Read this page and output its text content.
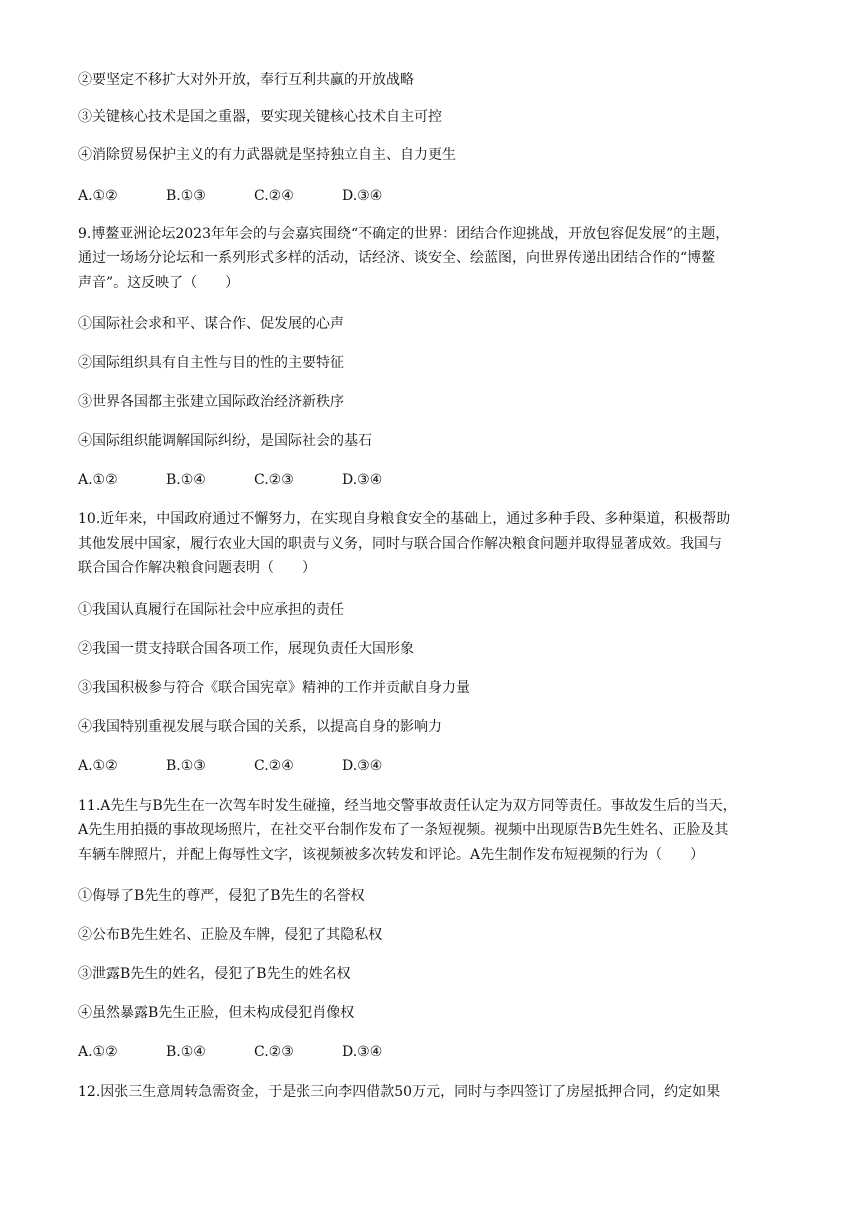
②要坚定不移扩大对外开放，奉行互利共赢的开放战略
③关键核心技术是国之重器，要实现关键核心技术自主可控
④消除贸易保护主义的有力武器就是坚持独立自主、自力更生
A.①②	B.①③	C.②④	D.③④
9.博鳌亚洲论坛2023年年会的与会嘉宾围绕“不确定的世界：团结合作迎挑战，开放包容促发展”的主题，
通过一场场分论坛和一系列形式多样的活动，话经济、谈安全、绘蓝图，向世界传递出团结合作的“博鳌
声音”。这反映了（　　）
①国际社会求和平、谋合作、促发展的心声
②国际组织具有自主性与目的性的主要特征
③世界各国都主张建立国际政治经济新秩序
④国际组织能调解国际纠纷，是国际社会的基石
A.①②	B.①④	C.②③	D.③④
10.近年来，中国政府通过不懈努力，在实现自身粮食安全的基础上，通过多种手段、多种渠道，积极帮助
其他发展中国家，履行农业大国的职责与义务，同时与联合国合作解决粮食问题并取得显著成效。我国与
联合国合作解决粮食问题表明（　　）
①我国认真履行在国际社会中应承担的责任
②我国一贯支持联合国各项工作，展现负责任大国形象
③我国积极参与符合《联合国宪章》精神的工作并贡献自身力量
④我国特别重视发展与联合国的关系，以提高自身的影响力
A.①②	B.①③	C.②④	D.③④
11.A先生与B先生在一次驾车时发生碰撞，经当地交警事故责任认定为双方同等责任。事故发生后的当天，
A先生用拍摄的事故现场照片，在社交平台制作发布了一条短视频。视频中出现原告B先生姓名、正脸及其
车辆车牌照片，并配上侮辱性文字，该视频被多次转发和评论。A先生制作发布短视频的行为（　　）
①侮辱了B先生的尊严，侵犯了B先生的名誉权
②公布B先生姓名、正脸及车牌，侵犯了其隐私权
③泄露B先生的姓名，侵犯了B先生的姓名权
④虽然暴露B先生正脸，但未构成侵犯肖像权
A.①②	B.①④	C.②③	D.③④
12.因张三生意周转急需资金，于是张三向李四借款50万元，同时与李四签订了房屋抵押合同，约定如果
